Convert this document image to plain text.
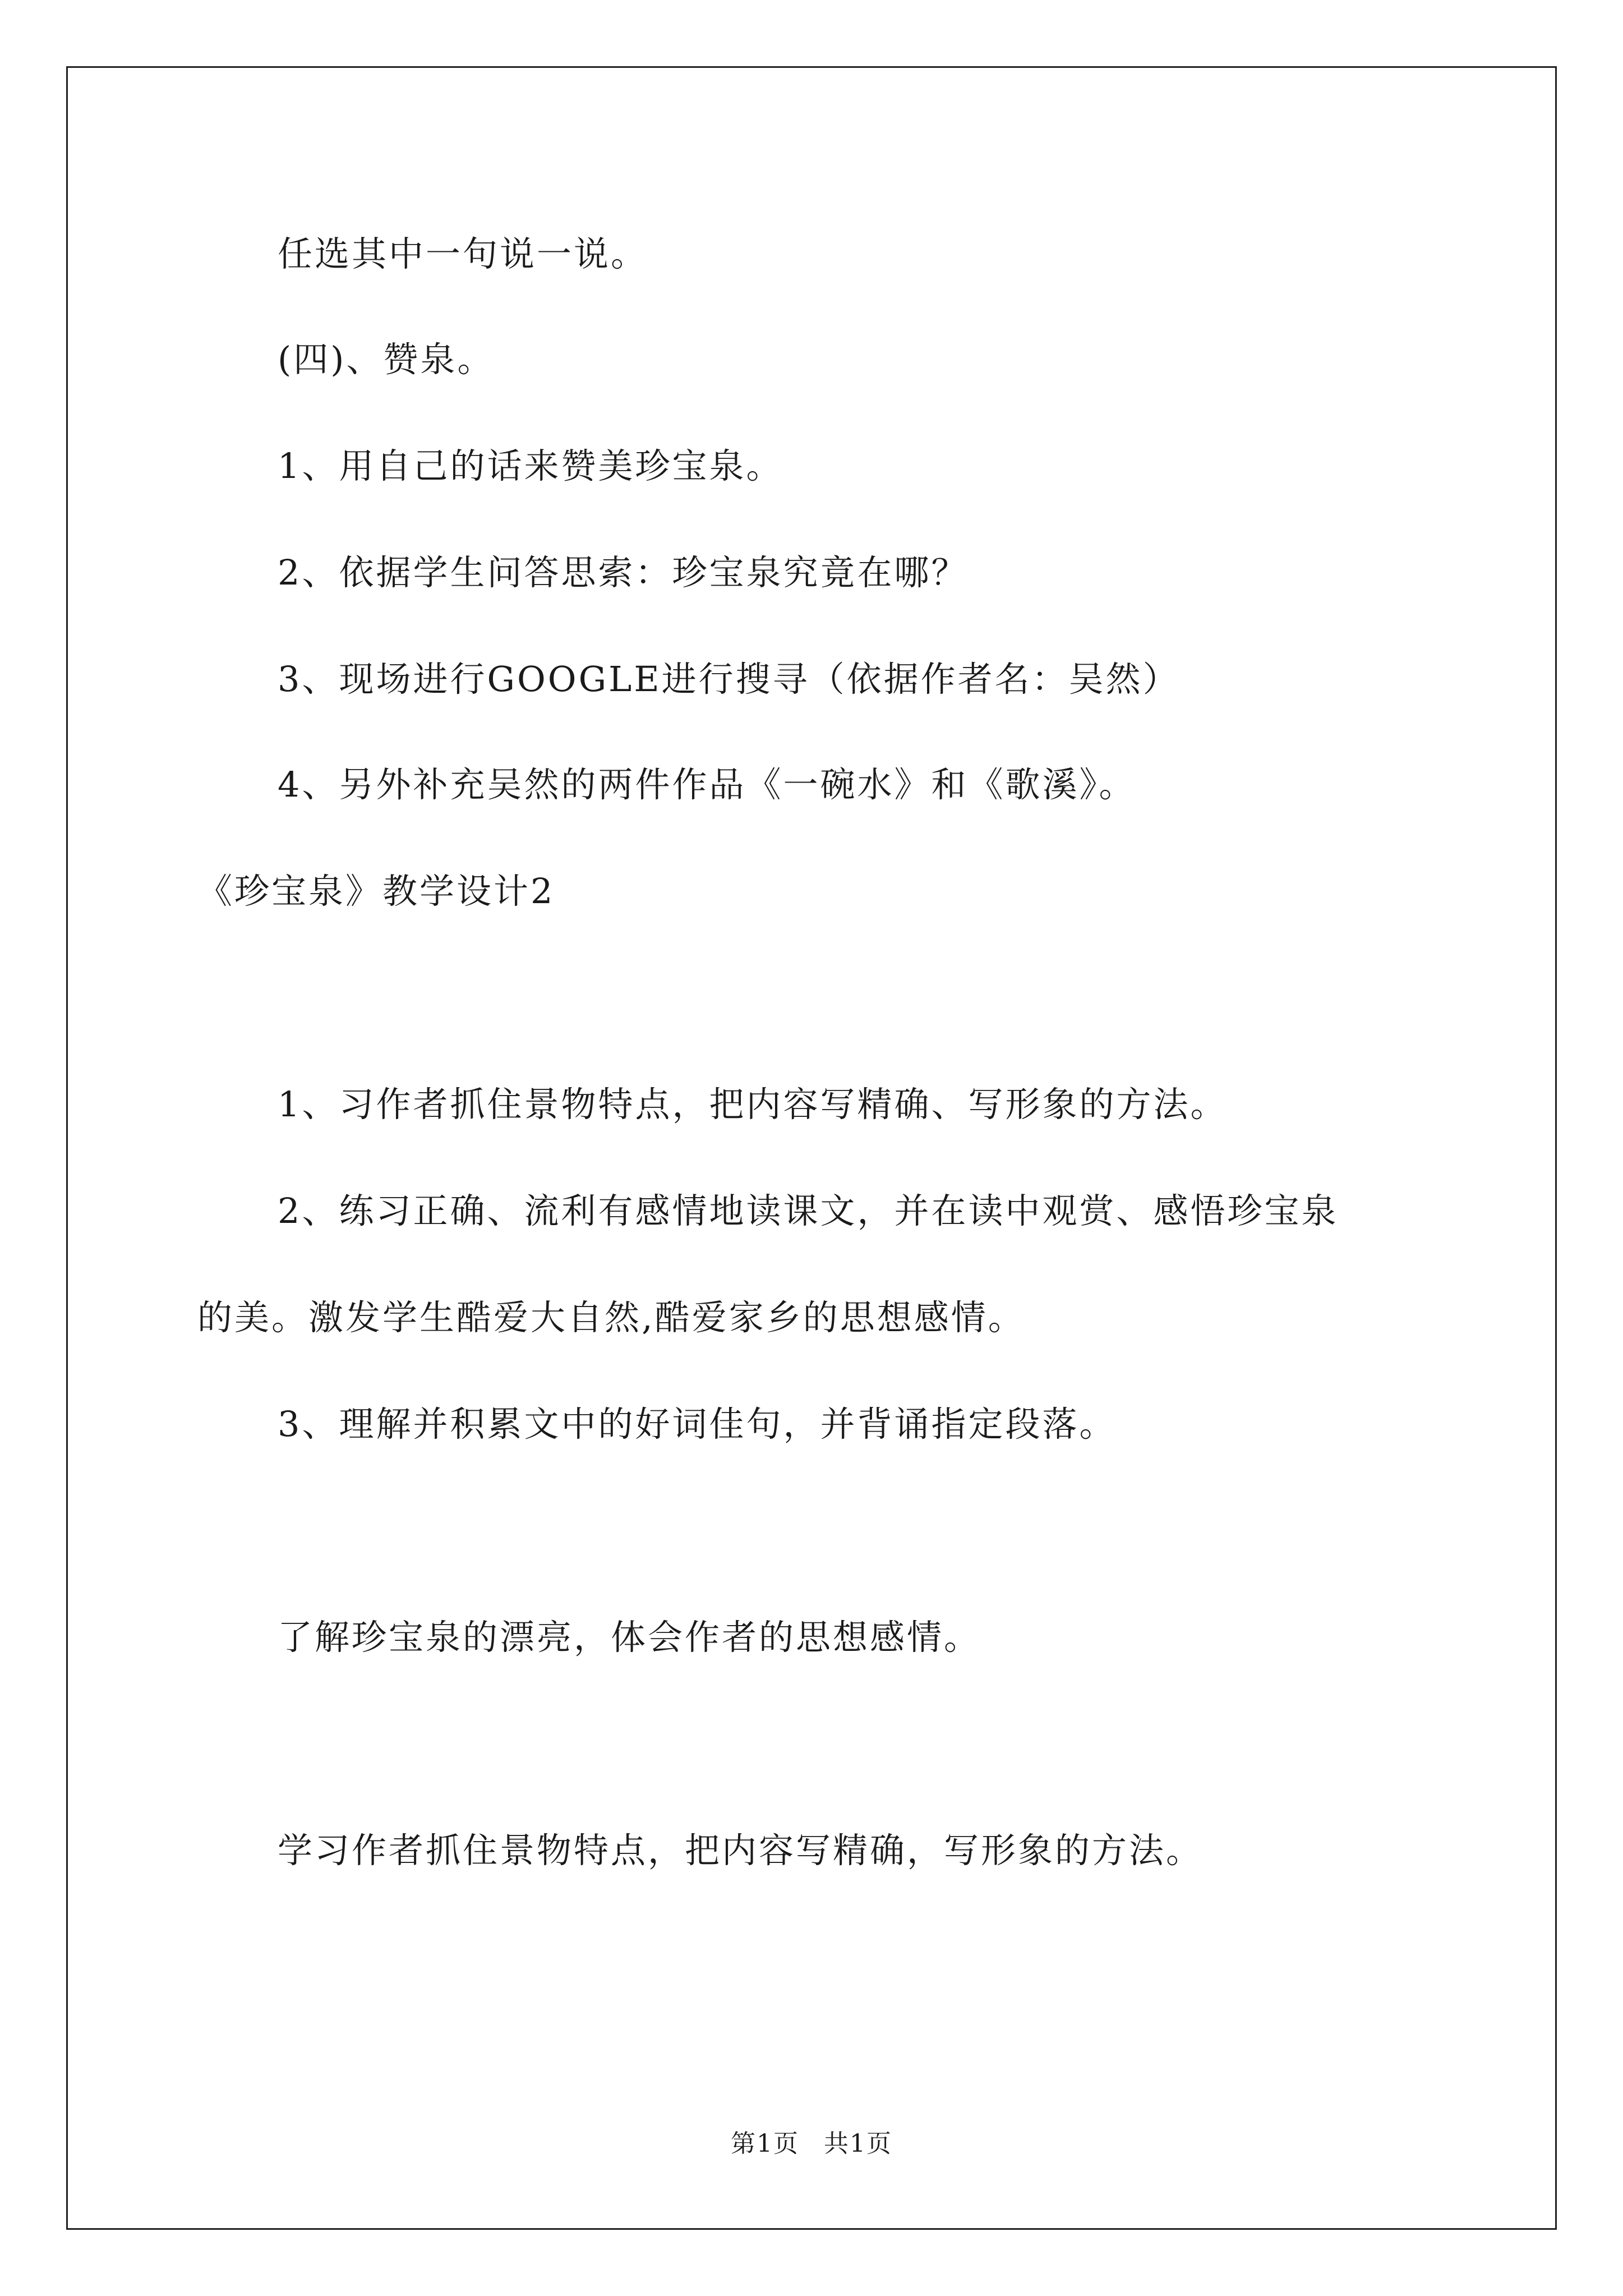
任选其中一句说一说。

(四)、赞泉。

1、用自己的话来赞美珍宝泉。

2、依据学生问答思索：珍宝泉究竟在哪？

3、现场进行GOOGLE进行搜寻（依据作者名：吴然）

4、另外补充吴然的两件作品《一碗水》和《歌溪》。

《珍宝泉》教学设计2

1、习作者抓住景物特点，把内容写精确、写形象的方法。

2、练习正确、流利有感情地读课文，并在读中观赏、感悟珍宝泉

的美。激发学生酷爱大自然,酷爱家乡的思想感情。

3、理解并积累文中的好词佳句，并背诵指定段落。

了解珍宝泉的漂亮，体会作者的思想感情。

学习作者抓住景物特点，把内容写精确，写形象的方法。

第1页 共1页
